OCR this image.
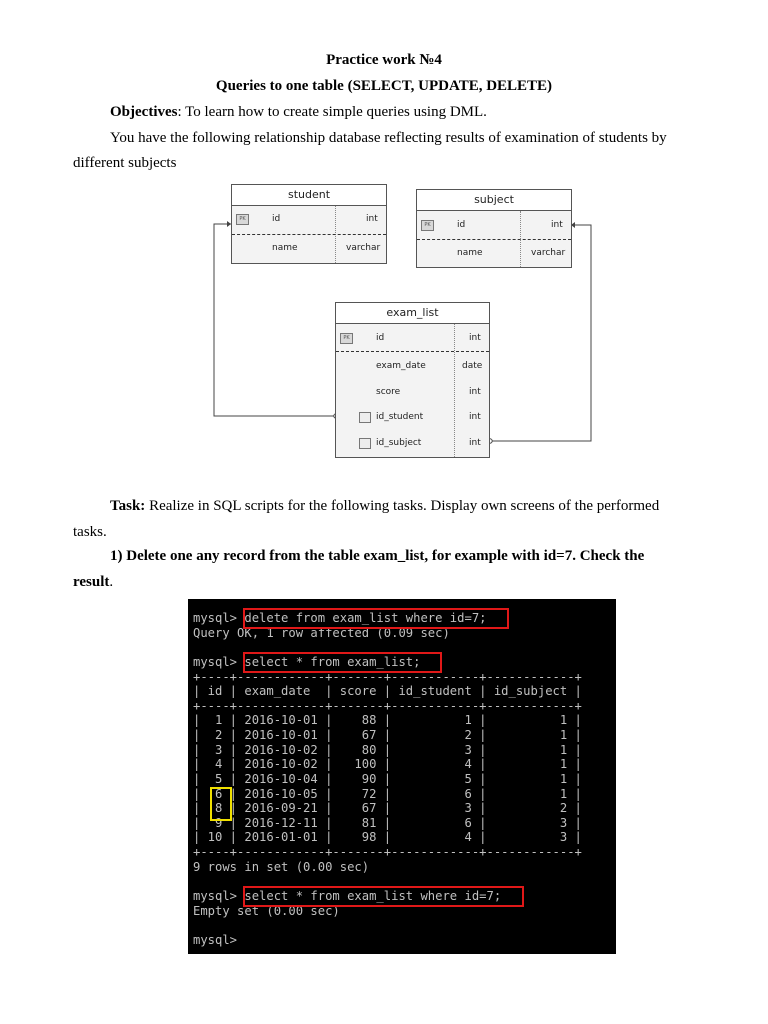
Practice work №4
Queries to one table (SELECT, UPDATE, DELETE)
Objectives: To learn how to create simple queries using DML.
You have the following relationship database reflecting results of examination of students by
different subjects
student
PK	id	int
name	varchar
subject
PK	id	int
name	varchar
exam_list
PK	id	int
exam_date	date
score	int
id_student	int
id_subject	int
Task: Realize in SQL scripts for the following tasks. Display own screens of the performed
tasks.
1) Delete one any record from the table exam_list, for example with id=7. Check the
result.
mysql> delete from exam_list where id=7;
Query OK, 1 row affected (0.09 sec)
mysql> select * from exam_list;
+----+------------+-------+------------+------------+
| id | exam_date  | score | id_student | id_subject |
+----+------------+-------+------------+------------+
|  1 | 2016-10-01 |    88 |          1 |          1 |
|  2 | 2016-10-01 |    67 |          2 |          1 |
|  3 | 2016-10-02 |    80 |          3 |          1 |
|  4 | 2016-10-02 |   100 |          4 |          1 |
|  5 | 2016-10-04 |    90 |          5 |          1 |
|  6 | 2016-10-05 |    72 |          6 |          1 |
|  8 | 2016-09-21 |    67 |          3 |          2 |
|  9 | 2016-12-11 |    81 |          6 |          3 |
| 10 | 2016-01-01 |    98 |          4 |          3 |
+----+------------+-------+------------+------------+
9 rows in set (0.00 sec)
mysql> select * from exam_list where id=7;
Empty set (0.00 sec)
mysql>
